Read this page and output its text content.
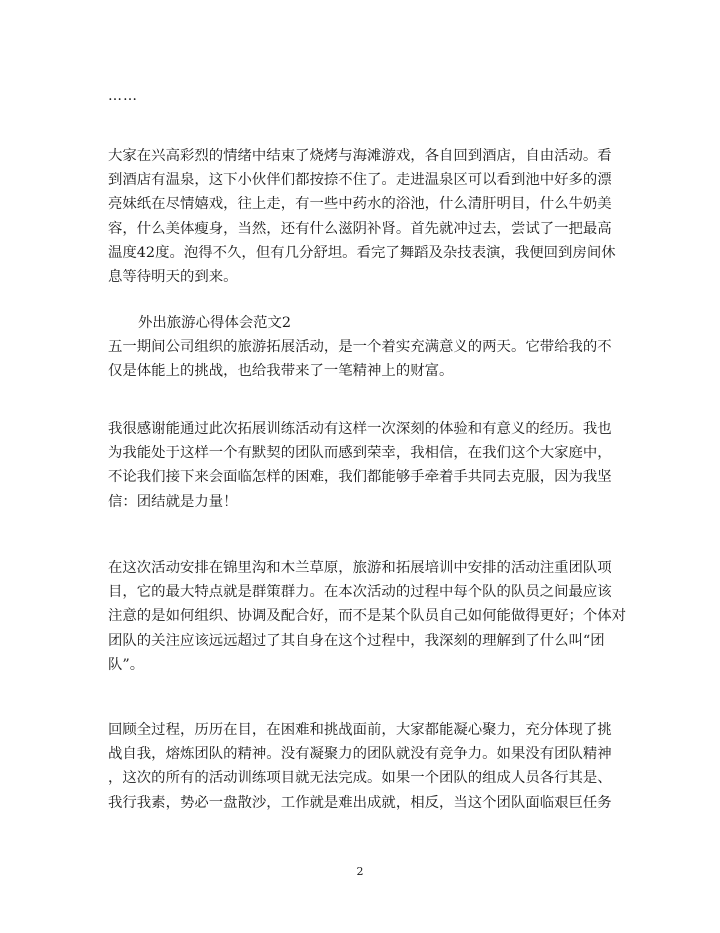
……

大家在兴高彩烈的情绪中结束了烧烤与海滩游戏，各自回到酒店，自由活动。看
到酒店有温泉，这下小伙伴们都按捺不住了。走进温泉区可以看到池中好多的漂
亮妹纸在尽情嬉戏，往上走，有一些中药水的浴池，什么清肝明目，什么牛奶美
容，什么美体瘦身，当然，还有什么滋阴补肾。首先就冲过去，尝试了一把最高
温度42度。泡得不久，但有几分舒坦。看完了舞蹈及杂技表演，我便回到房间休
息等待明天的到来。

外出旅游心得体会范文2

五一期间公司组织的旅游拓展活动，是一个着实充满意义的两天。它带给我的不
仅是体能上的挑战，也给我带来了一笔精神上的财富。

我很感谢能通过此次拓展训练活动有这样一次深刻的体验和有意义的经历。我也
为我能处于这样一个有默契的团队而感到荣幸，我相信，在我们这个大家庭中，
不论我们接下来会面临怎样的困难，我们都能够手牵着手共同去克服，因为我坚
信：团结就是力量！

在这次活动安排在锦里沟和木兰草原，旅游和拓展培训中安排的活动注重团队项
目，它的最大特点就是群策群力。在本次活动的过程中每个队的队员之间最应该
注意的是如何组织、协调及配合好，而不是某个队员自己如何能做得更好；个体对
团队的关注应该远远超过了其自身在这个过程中，我深刻的理解到了什么叫“团
队”。

回顾全过程，历历在目，在困难和挑战面前，大家都能凝心聚力，充分体现了挑
战自我，熔炼团队的精神。没有凝聚力的团队就没有竞争力。如果没有团队精神
，这次的所有的活动训练项目就无法完成。如果一个团队的组成人员各行其是、
我行我素，势必一盘散沙，工作就是难出成就，相反，当这个团队面临艰巨任务

2
